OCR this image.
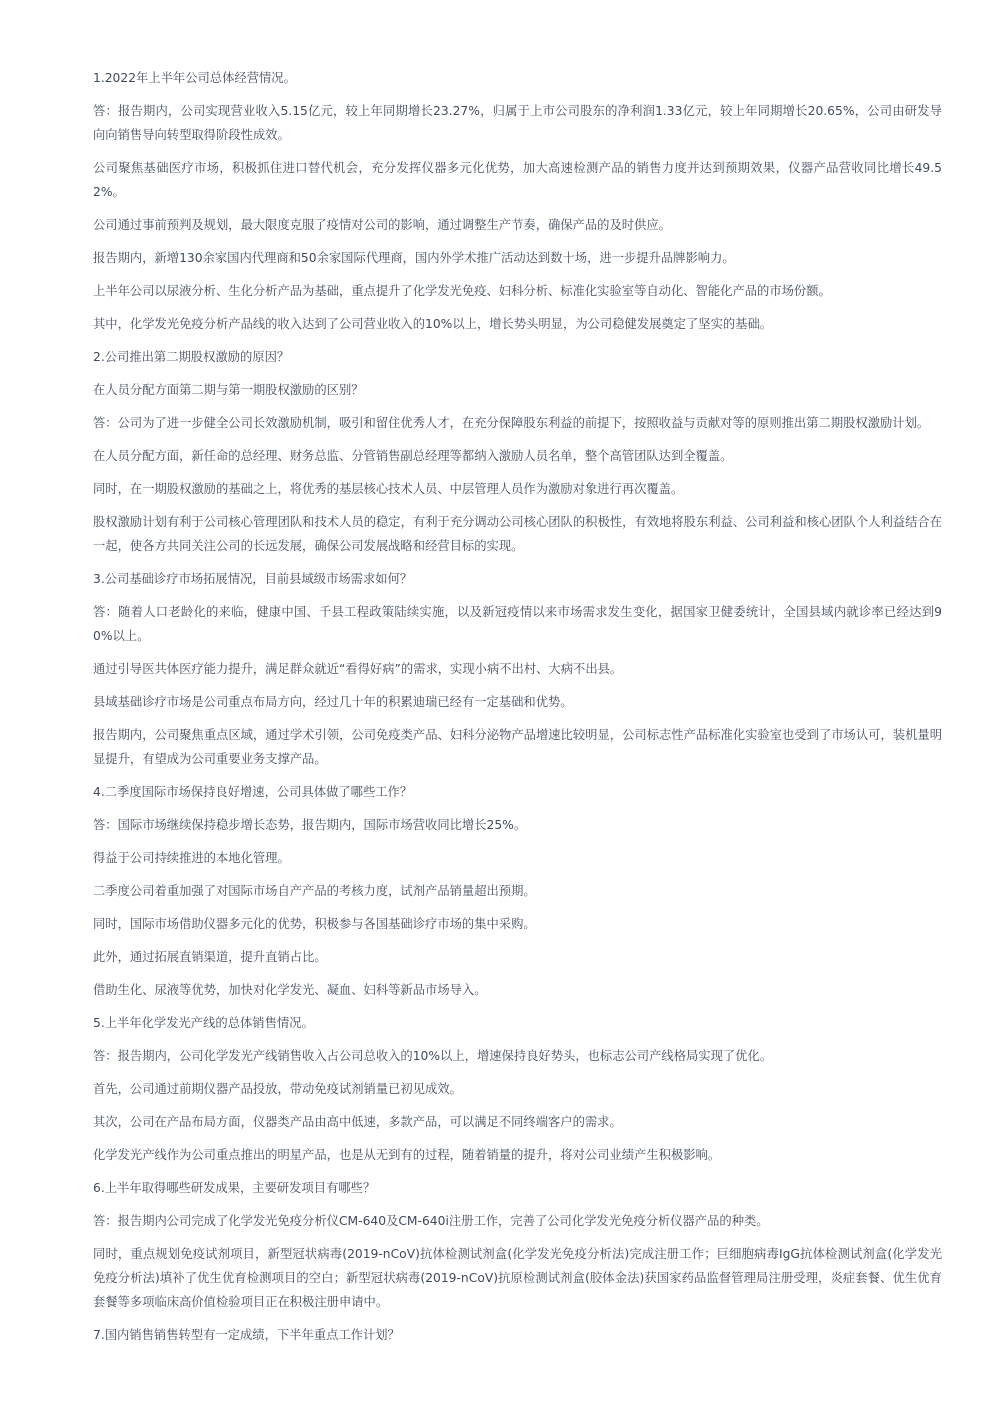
1.2022年上半年公司总体经营情况。

答：报告期内，公司实现营业收入5.15亿元，较上年同期增长23.27%，归属于上市公司股东的净利润1.33亿元，较上年同期增长20.65%，公司由研发导向向销售导向转型取得阶段性成效。

公司聚焦基础医疗市场，积极抓住进口替代机会，充分发挥仪器多元化优势，加大高速检测产品的销售力度并达到预期效果，仪器产品营收同比增长49.52%。

公司通过事前预判及规划，最大限度克服了疫情对公司的影响，通过调整生产节奏，确保产品的及时供应。

报告期内，新增130余家国内代理商和50余家国际代理商，国内外学术推广活动达到数十场，进一步提升品牌影响力。

上半年公司以尿液分析、生化分析产品为基础，重点提升了化学发光免疫、妇科分析、标准化实验室等自动化、智能化产品的市场份额。

其中，化学发光免疫分析产品线的收入达到了公司营业收入的10%以上，增长势头明显，为公司稳健发展奠定了坚实的基础。

2.公司推出第二期股权激励的原因？

在人员分配方面第二期与第一期股权激励的区别？

答：公司为了进一步健全公司长效激励机制，吸引和留住优秀人才，在充分保障股东利益的前提下，按照收益与贡献对等的原则推出第二期股权激励计划。

在人员分配方面，新任命的总经理、财务总监、分管销售副总经理等都纳入激励人员名单，整个高管团队达到全覆盖。

同时，在一期股权激励的基础之上，将优秀的基层核心技术人员、中层管理人员作为激励对象进行再次覆盖。

股权激励计划有利于公司核心管理团队和技术人员的稳定，有利于充分调动公司核心团队的积极性，有效地将股东利益、公司利益和核心团队个人利益结合在一起，使各方共同关注公司的长远发展，确保公司发展战略和经营目标的实现。

3.公司基础诊疗市场拓展情况，目前县域级市场需求如何？

答：随着人口老龄化的来临，健康中国、千县工程政策陆续实施，以及新冠疫情以来市场需求发生变化，据国家卫健委统计，全国县域内就诊率已经达到90%以上。

通过引导医共体医疗能力提升，满足群众就近“看得好病”的需求，实现小病不出村、大病不出县。

县域基础诊疗市场是公司重点布局方向，经过几十年的积累迪瑞已经有一定基础和优势。

报告期内，公司聚焦重点区域，通过学术引领，公司免疫类产品、妇科分泌物产品增速比较明显，公司标志性产品标准化实验室也受到了市场认可，装机量明显提升，有望成为公司重要业务支撑产品。

4.二季度国际市场保持良好增速，公司具体做了哪些工作？

答：国际市场继续保持稳步增长态势，报告期内，国际市场营收同比增长25%。

得益于公司持续推进的本地化管理。

二季度公司着重加强了对国际市场自产产品的考核力度，试剂产品销量超出预期。

同时，国际市场借助仪器多元化的优势，积极参与各国基础诊疗市场的集中采购。

此外，通过拓展直销渠道，提升直销占比。

借助生化、尿液等优势，加快对化学发光、凝血、妇科等新品市场导入。

5.上半年化学发光产线的总体销售情况。

答：报告期内，公司化学发光产线销售收入占公司总收入的10%以上，增速保持良好势头，也标志公司产线格局实现了优化。

首先，公司通过前期仪器产品投放，带动免疫试剂销量已初见成效。

其次，公司在产品布局方面，仪器类产品由高中低速，多款产品，可以满足不同终端客户的需求。

化学发光产线作为公司重点推出的明星产品，也是从无到有的过程，随着销量的提升，将对公司业绩产生积极影响。

6.上半年取得哪些研发成果，主要研发项目有哪些？

答：报告期内公司完成了化学发光免疫分析仪CM-640及CM-640i注册工作，完善了公司化学发光免疫分析仪器产品的种类。

同时，重点规划免疫试剂项目，新型冠状病毒(2019-nCoV)抗体检测试剂盒(化学发光免疫分析法)完成注册工作；巨细胞病毒IgG抗体检测试剂盒(化学发光免疫分析法)填补了优生优育检测项目的空白；新型冠状病毒(2019-nCoV)抗原检测试剂盒(胶体金法)获国家药品监督管理局注册受理，炎症套餐、优生优育套餐等多项临床高价值检验项目正在积极注册申请中。

7.国内销售销售转型有一定成绩，下半年重点工作计划？
